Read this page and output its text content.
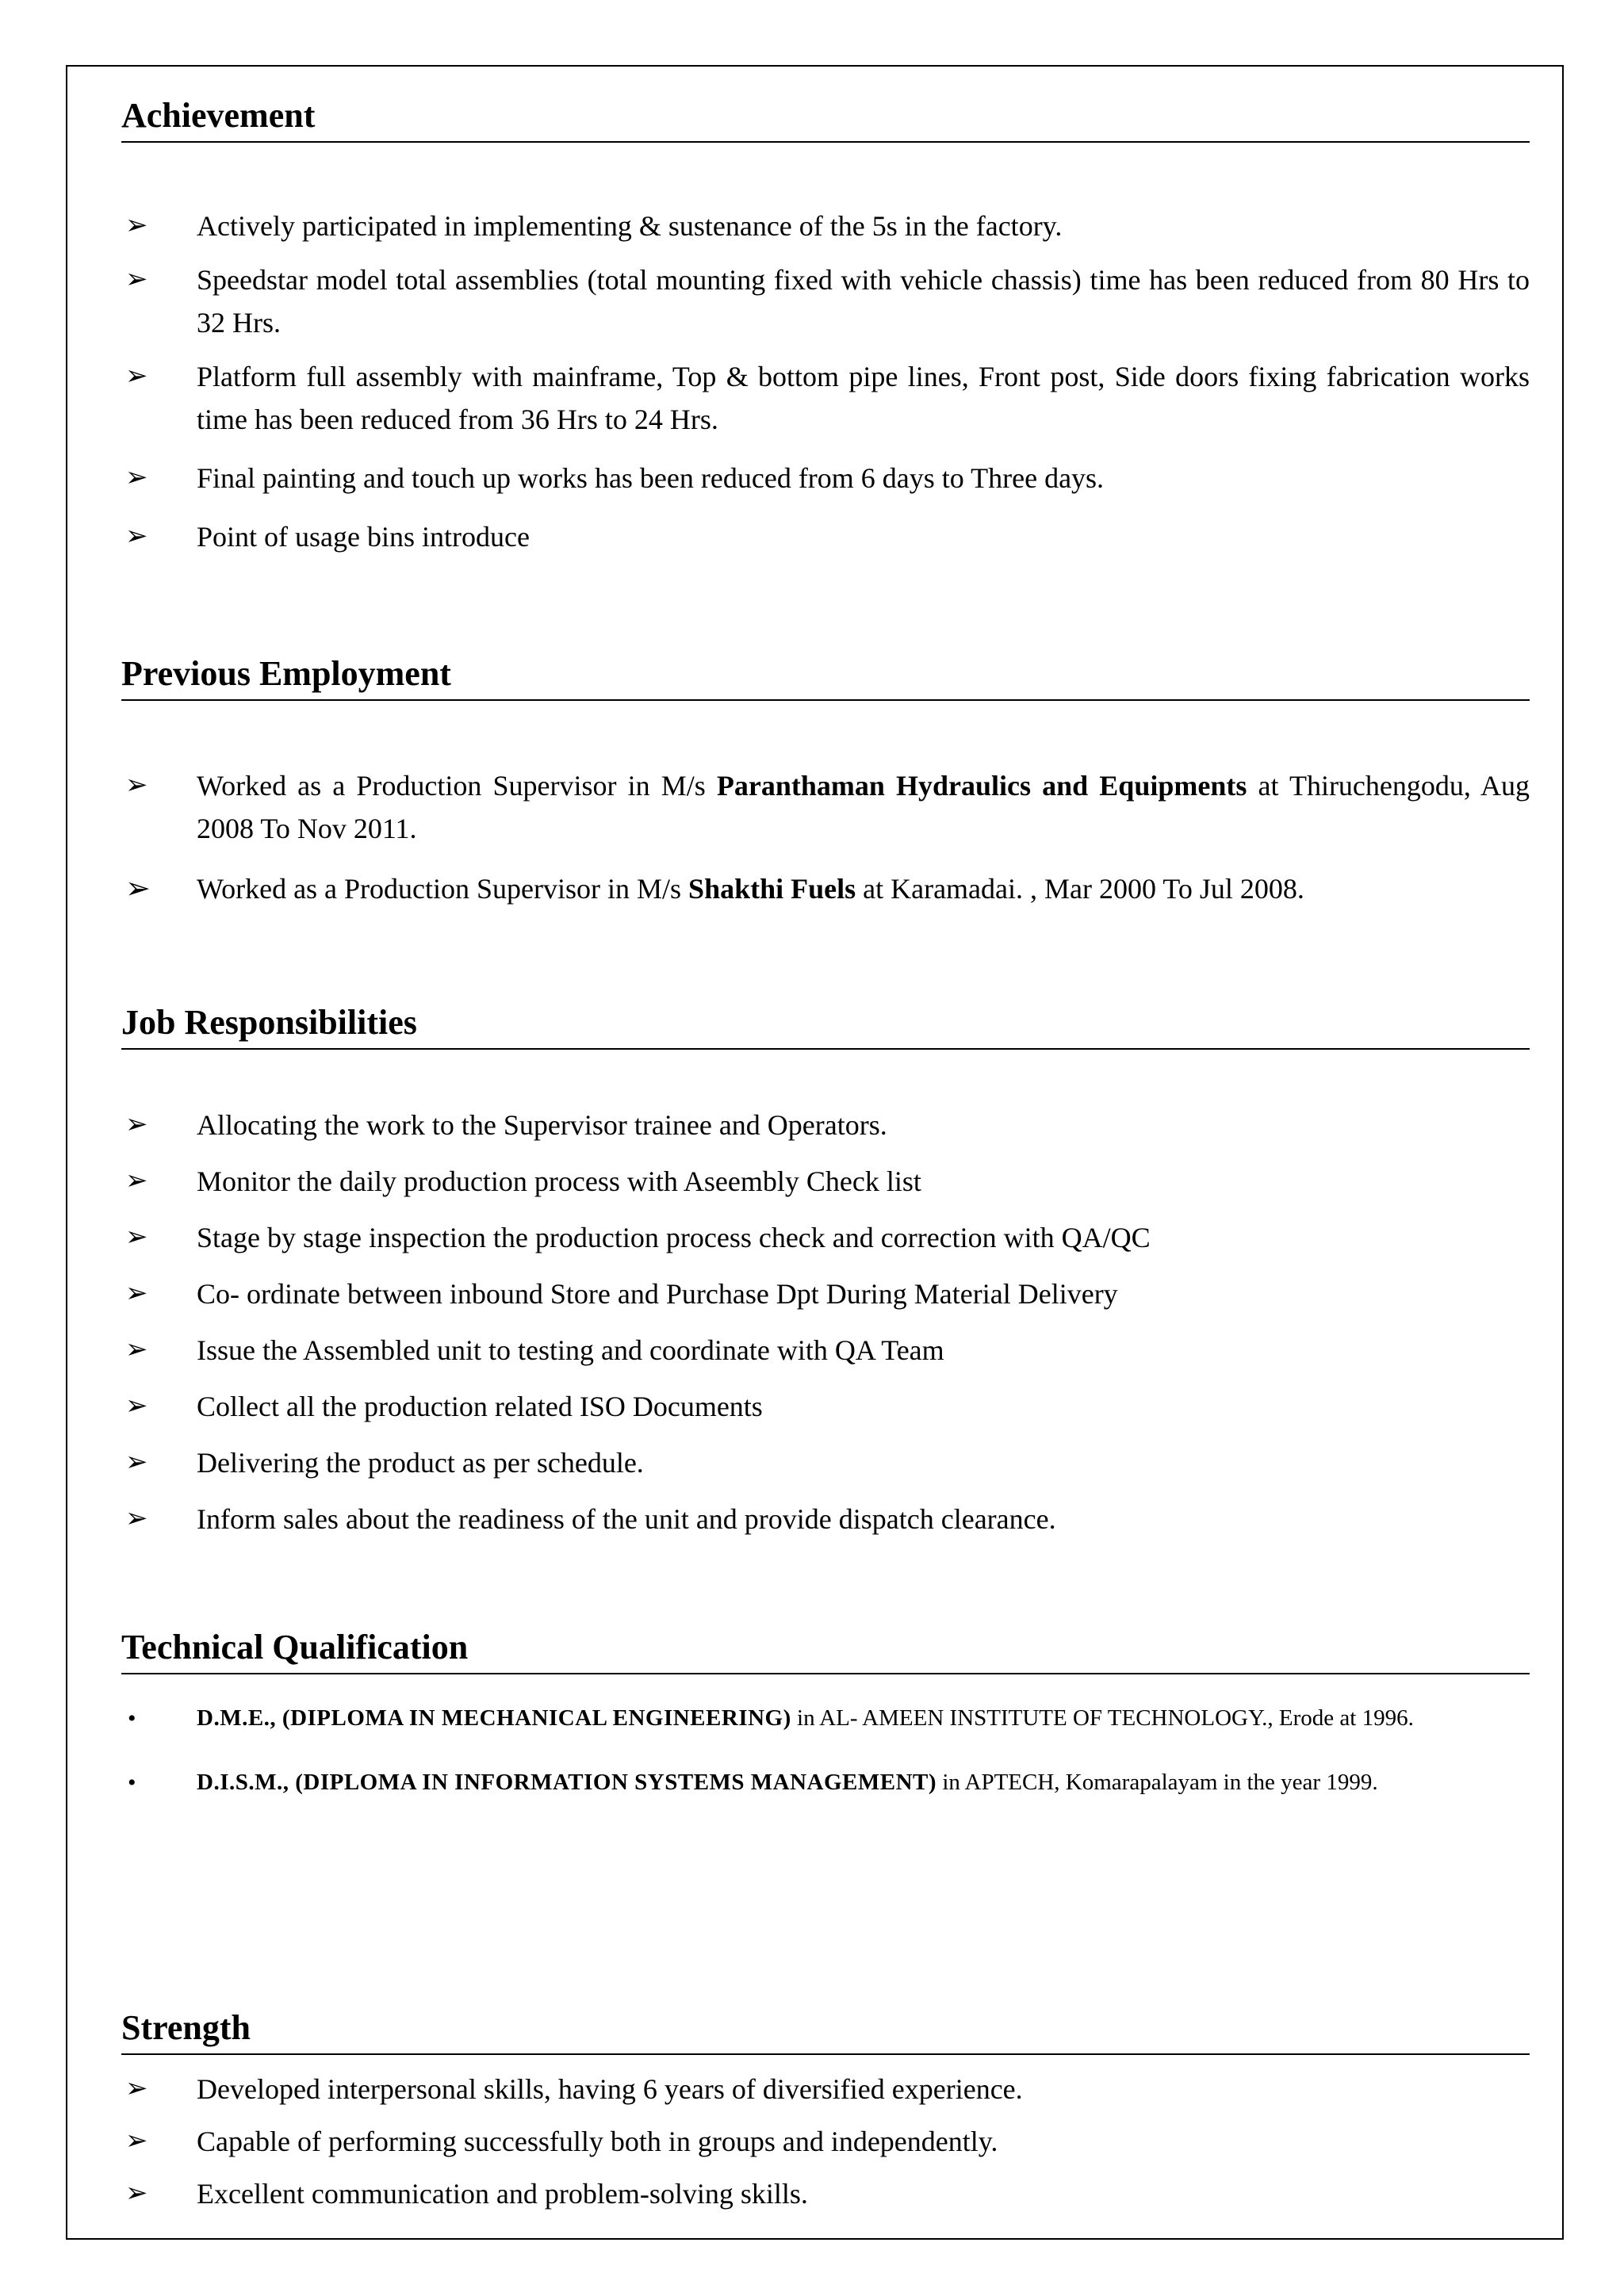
Achievement
➢ Actively participated in implementing & sustenance of the 5s in the factory.
➢ Speedstar model total assemblies (total mounting fixed with vehicle chassis) time has been reduced from 80 Hrs to 32 Hrs.
➢ Platform full assembly with mainframe, Top & bottom pipe lines, Front post, Side doors fixing fabrication works time has been reduced from 36 Hrs to 24 Hrs.
➢ Final painting and touch up works has been reduced from 6 days to Three days.
➢ Point of usage bins introduce
Previous Employment
➢ Worked as a Production Supervisor in M/s Paranthaman Hydraulics and Equipments at Thiruchengodu, Aug 2008 To Nov 2011.
➢ Worked as a Production Supervisor in M/s Shakthi Fuels at Karamadai. , Mar 2000 To Jul 2008.
Job Responsibilities
➢ Allocating the work to the Supervisor trainee and Operators.
➢ Monitor the daily production process with Aseembly Check list
➢ Stage by stage inspection the production process check and correction with QA/QC
➢ Co- ordinate between inbound Store and Purchase Dpt During Material Delivery
➢ Issue the Assembled unit to testing and coordinate with QA Team
➢ Collect all the production related ISO Documents
➢ Delivering the product as per schedule.
➢ Inform sales about the readiness of the unit and provide dispatch clearance.
Technical Qualification
•	D.M.E., (DIPLOMA IN MECHANICAL ENGINEERING) in AL- AMEEN INSTITUTE OF TECHNOLOGY., Erode at 1996.
•	D.I.S.M., (DIPLOMA IN INFORMATION SYSTEMS MANAGEMENT) in APTECH, Komarapalayam in the year 1999.
Strength
➢ Developed interpersonal skills, having 6 years of diversified experience.
➢ Capable of performing successfully both in groups and independently.
➢ Excellent communication and problem-solving skills.
